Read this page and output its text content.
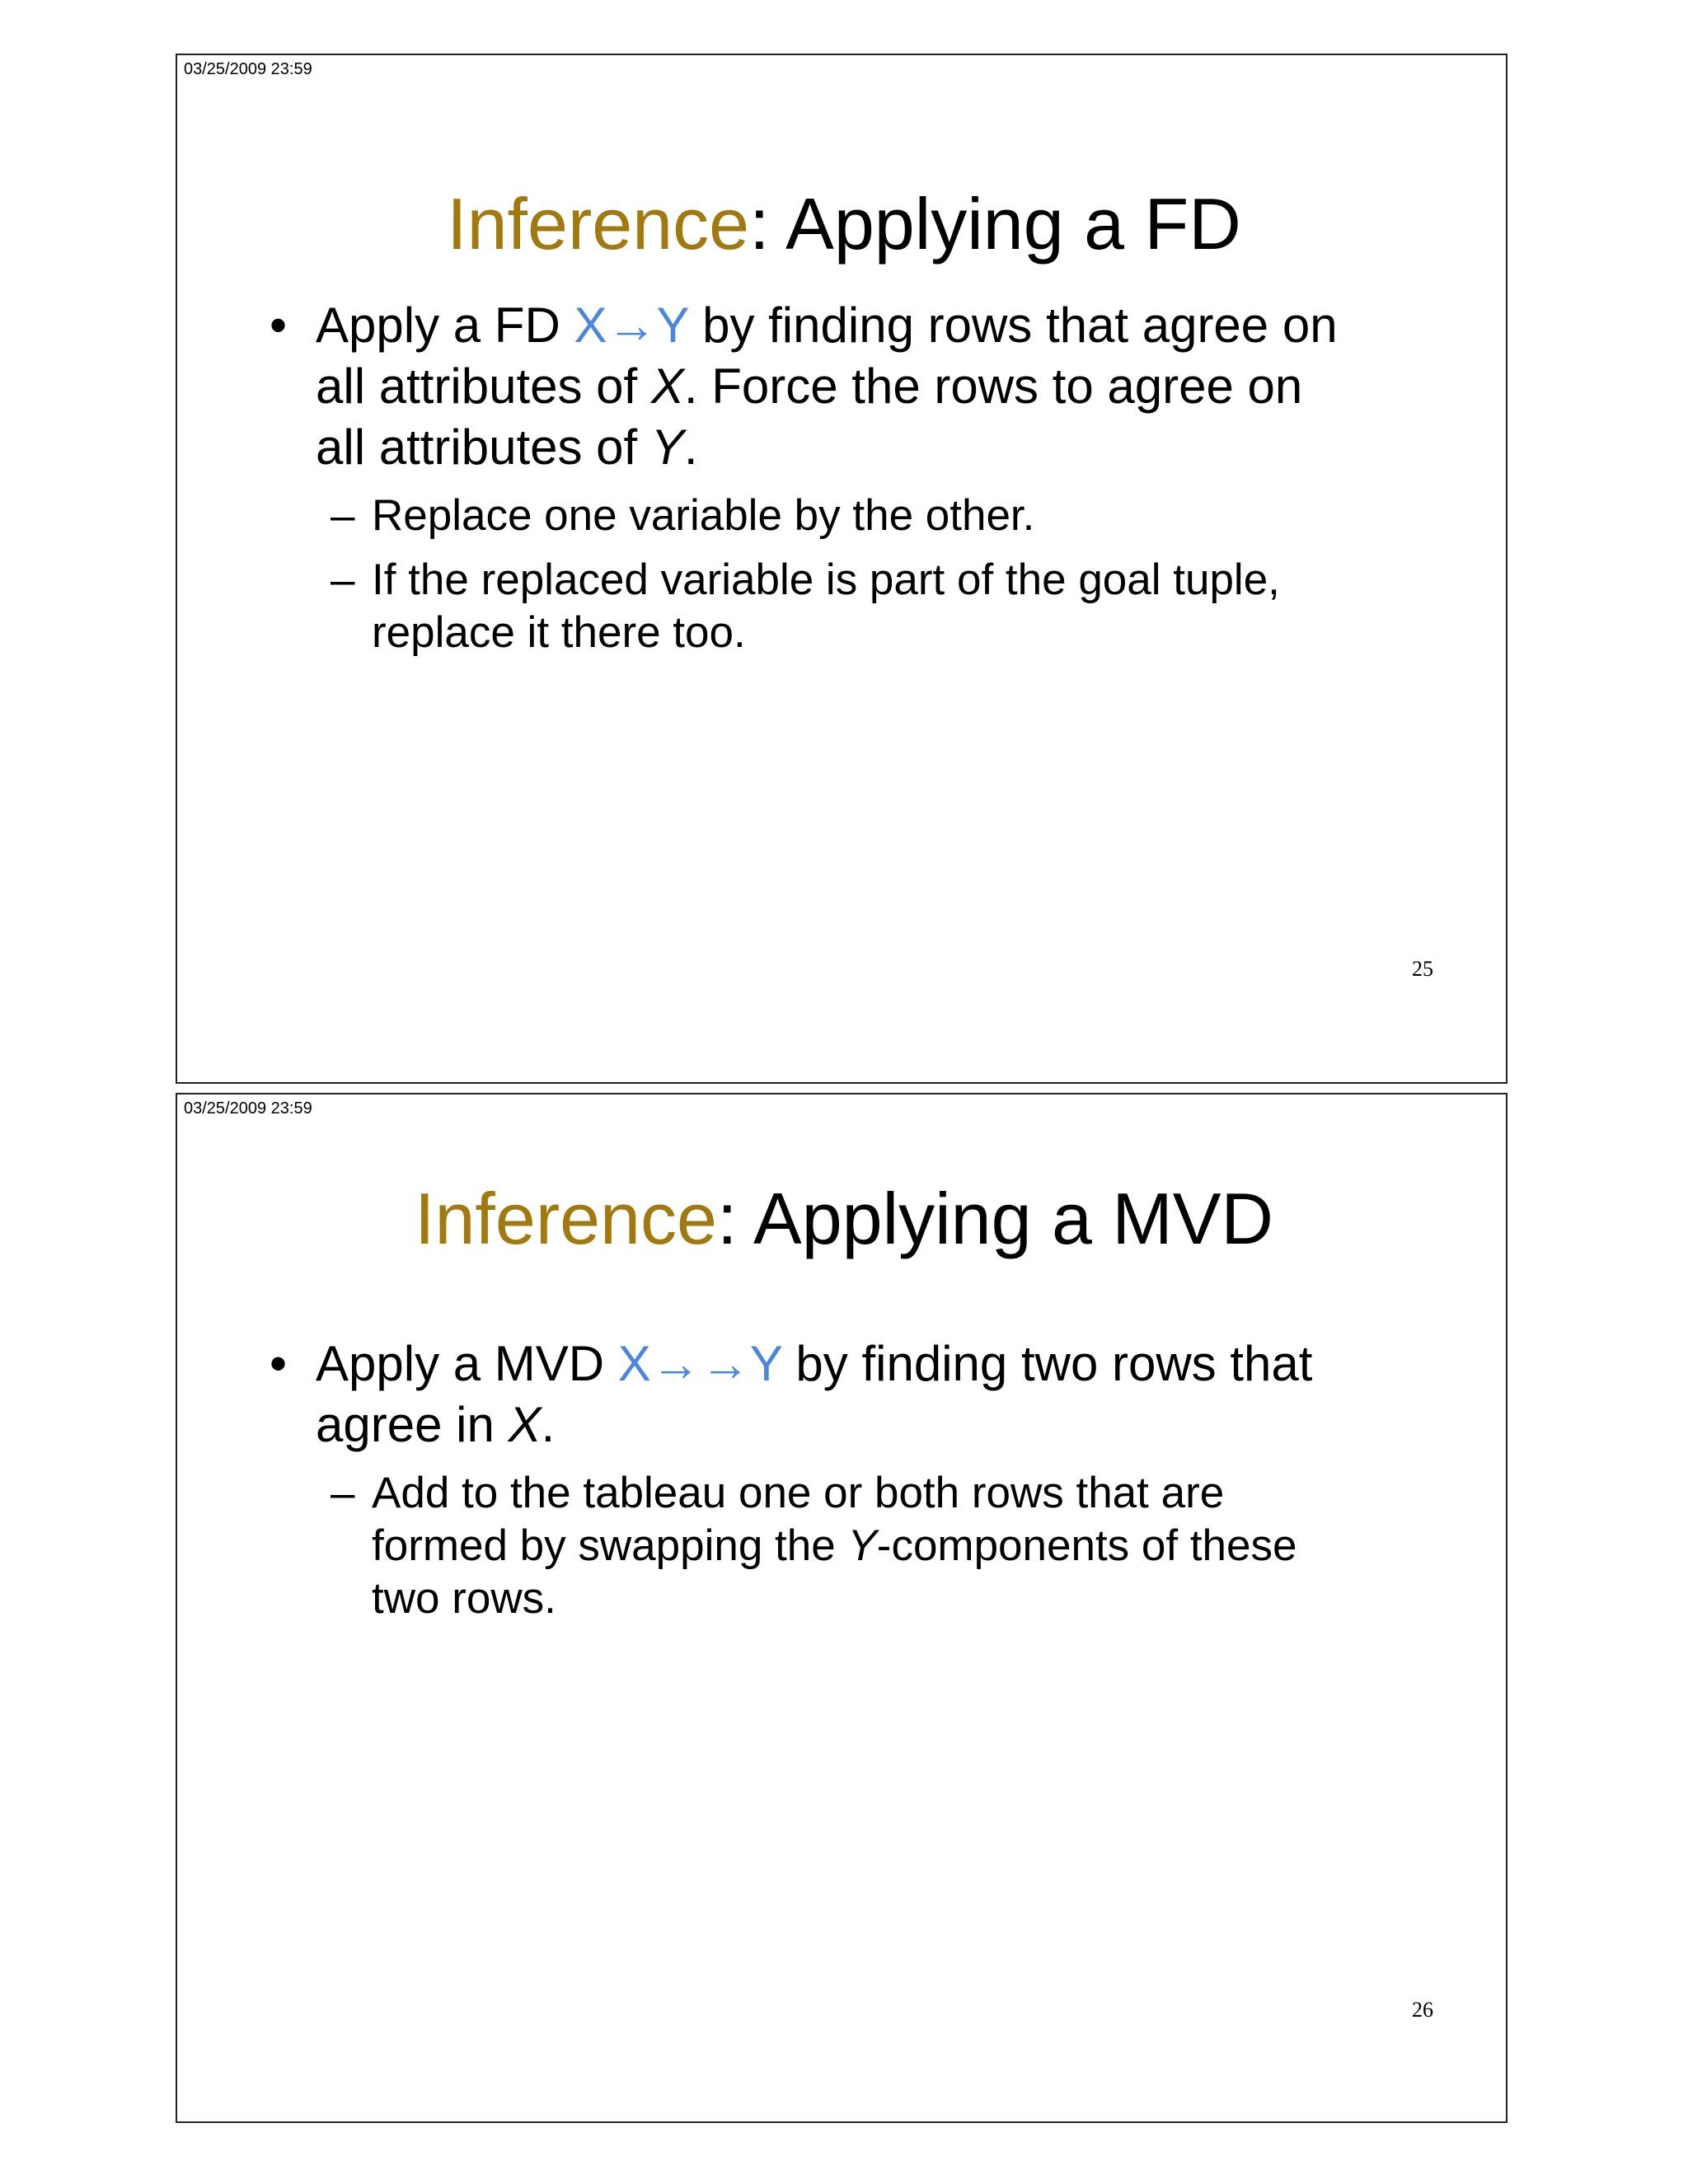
03/25/2009 23:59
25
Inference: Applying a FD
• Apply a FD X→Y by finding rows that agree on
all attributes of X. Force the rows to agree on
all attributes of Y.
– Replace one variable by the other.
– If the replaced variable is part of the goal tuple,
replace it there too.
03/25/2009 23:59
26
Inference: Applying a MVD
• Apply a MVD X→→Y by finding two rows that
agree in X.
– Add to the tableau one or both rows that are
formed by swapping the Y-components of these
two rows.
